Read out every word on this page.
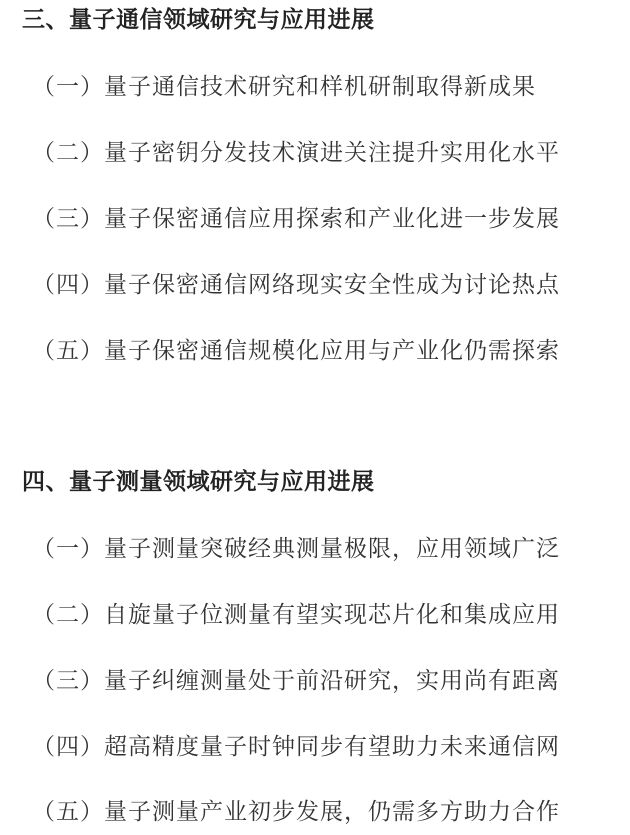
三、量子通信领域研究与应用进展
（一）量子通信技术研究和样机研制取得新成果
（二）量子密钥分发技术演进关注提升实用化水平
（三）量子保密通信应用探索和产业化进一步发展
（四）量子保密通信网络现实安全性成为讨论热点
（五）量子保密通信规模化应用与产业化仍需探索
四、量子测量领域研究与应用进展
（一）量子测量突破经典测量极限，应用领域广泛
（二）自旋量子位测量有望实现芯片化和集成应用
（三）量子纠缠测量处于前沿研究，实用尚有距离
（四）超高精度量子时钟同步有望助力未来通信网
（五）量子测量产业初步发展，仍需多方助力合作
